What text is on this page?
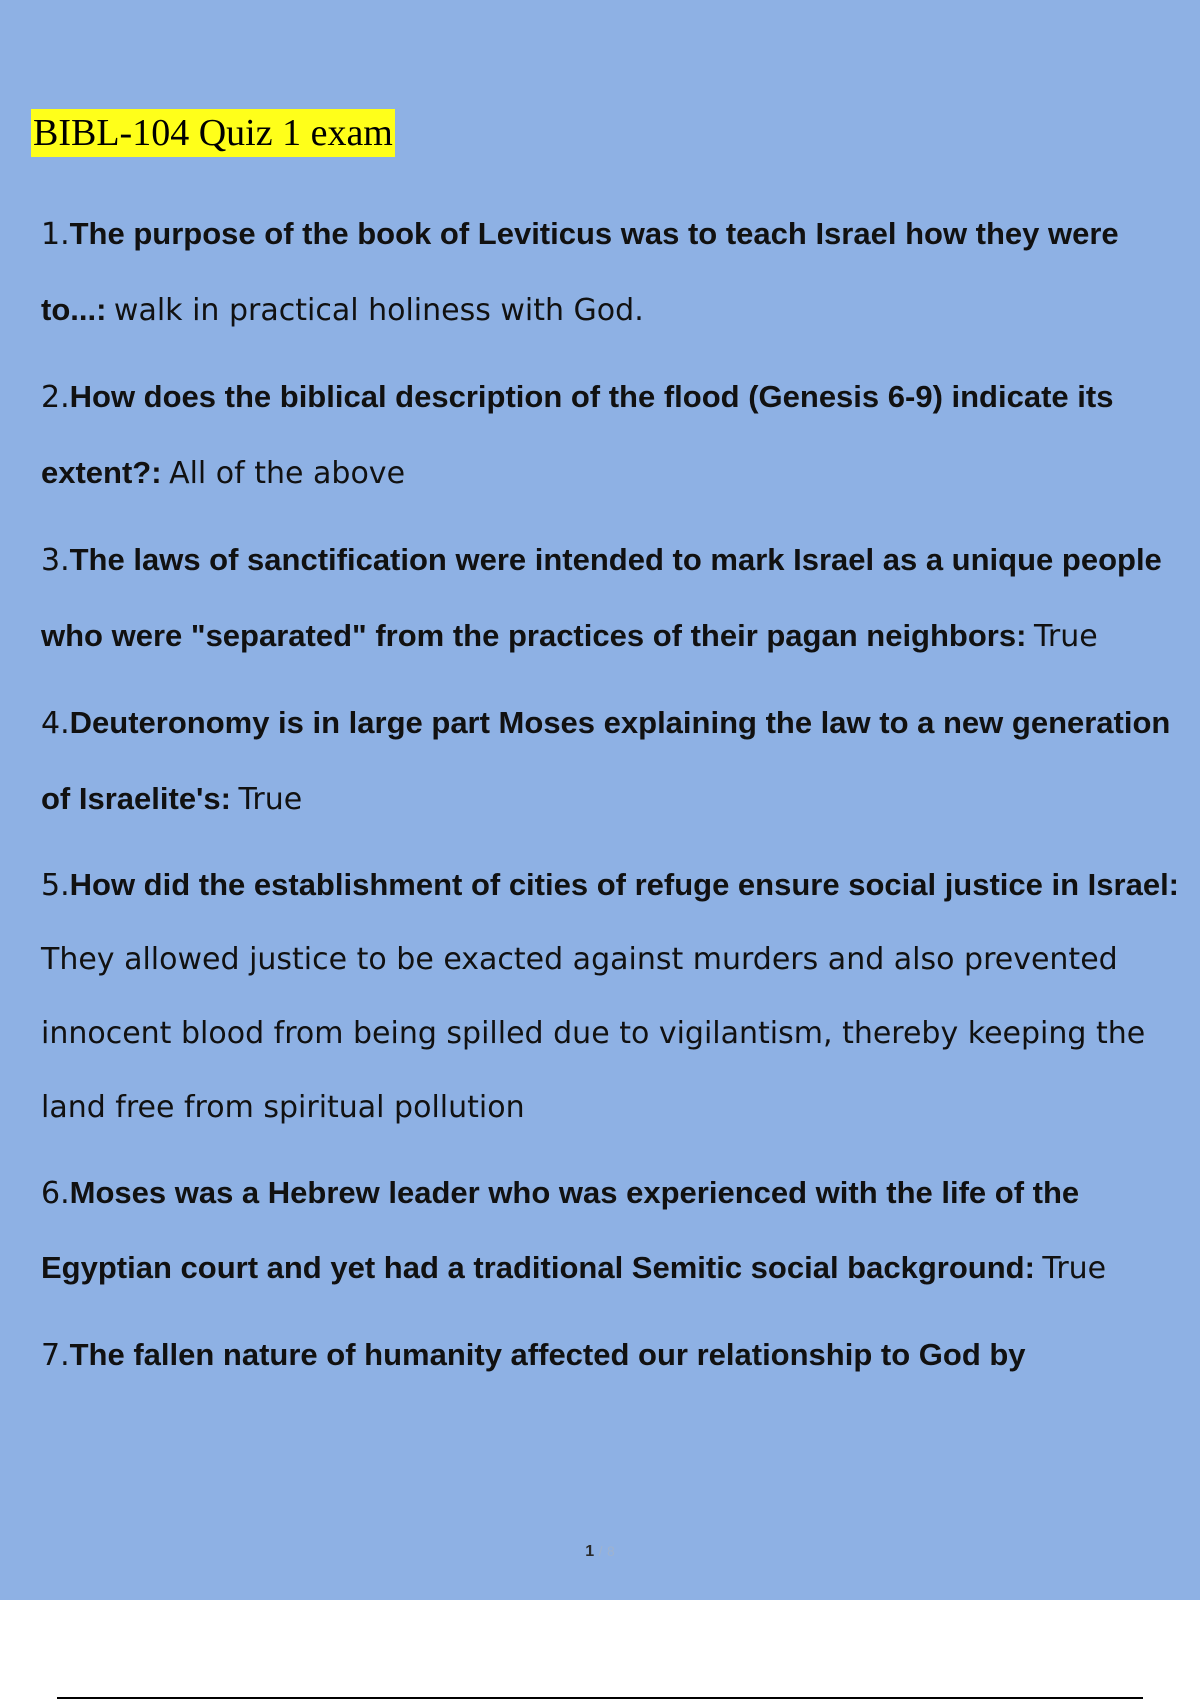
BIBL-104 Quiz 1 exam
1.The purpose of the book of Leviticus was to teach Israel how they were to...: walk in practical holiness with God.
2.How does the biblical description of the flood (Genesis 6-9) indicate its extent?: All of the above
3.The laws of sanctification were intended to mark Israel as a unique people who were "separated" from the practices of their pagan neighbors: True
4.Deuteronomy is in large part Moses explaining the law to a new generation of Israelite's: True
5.How did the establishment of cities of refuge ensure social justice in Israel: They allowed justice to be exacted against murders and also prevented innocent blood from being spilled due to vigilantism, thereby keeping the land free from spiritual pollution
6.Moses was a Hebrew leader who was experienced with the life of the Egyptian court and yet had a traditional Semitic social background: True
7.The fallen nature of humanity affected our relationship to God by
1 / 8
